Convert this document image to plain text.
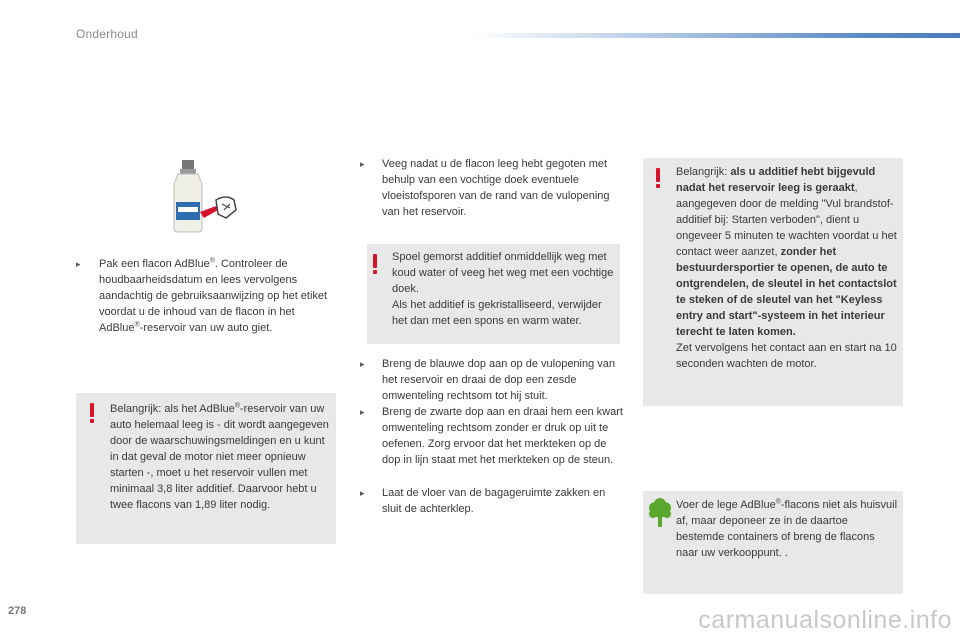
Onderhoud
▸	Pak een flacon AdBlue®. Controleer de houdbaarheidsdatum en lees vervolgens aandachtig de gebruiksaanwijzing op het etiket voordat u de inhoud van de flacon in het AdBlue®-reservoir van uw auto giet.
Belangrijk: als het AdBlue®-reservoir van uw auto helemaal leeg is - dit wordt aangegeven door de waarschuwingsmeldingen en u kunt in dat geval de motor niet meer opnieuw starten -, moet u het reservoir vullen met minimaal 3,8 liter additief. Daarvoor hebt u twee flacons van 1,89 liter nodig.
▸	Veeg nadat u de flacon leeg hebt gegoten met behulp van een vochtige doek eventuele vloeistofsporen van de rand van de vulopening van het reservoir.
Spoel gemorst additief onmiddellijk weg met koud water of veeg het weg met een vochtige doek.
Als het additief is gekristalliseerd, verwijder het dan met een spons en warm water.
▸	Breng de blauwe dop aan op de vulopening van het reservoir en draai de dop een zesde omwenteling rechtsom tot hij stuit.
▸	Breng de zwarte dop aan en draai hem een kwart omwenteling rechtsom zonder er druk op uit te oefenen. Zorg ervoor dat het merkteken op de dop in lijn staat met het merkteken op de steun.
▸	Laat de vloer van de bagageruimte zakken en sluit de achterklep.
Belangrijk: als u additief hebt bijgevuld nadat het reservoir leeg is geraakt, aangegeven door de melding "Vul brandstof- additief bij: Starten verboden", dient u ongeveer 5 minuten te wachten voordat u het contact weer aanzet, zonder het bestuurdersportier te openen, de auto te ontgrendelen, de sleutel in het contactslot te steken of de sleutel van het "Keyless entry and start"-systeem in het interieur terecht te laten komen.
Zet vervolgens het contact aan en start na 10 seconden wachten de motor.
Voer de lege AdBlue®-flacons niet als huisvuil af, maar deponeer ze in de daartoe bestemde containers of breng de flacons naar uw verkooppunt. .
278	carmanualsonline.info
